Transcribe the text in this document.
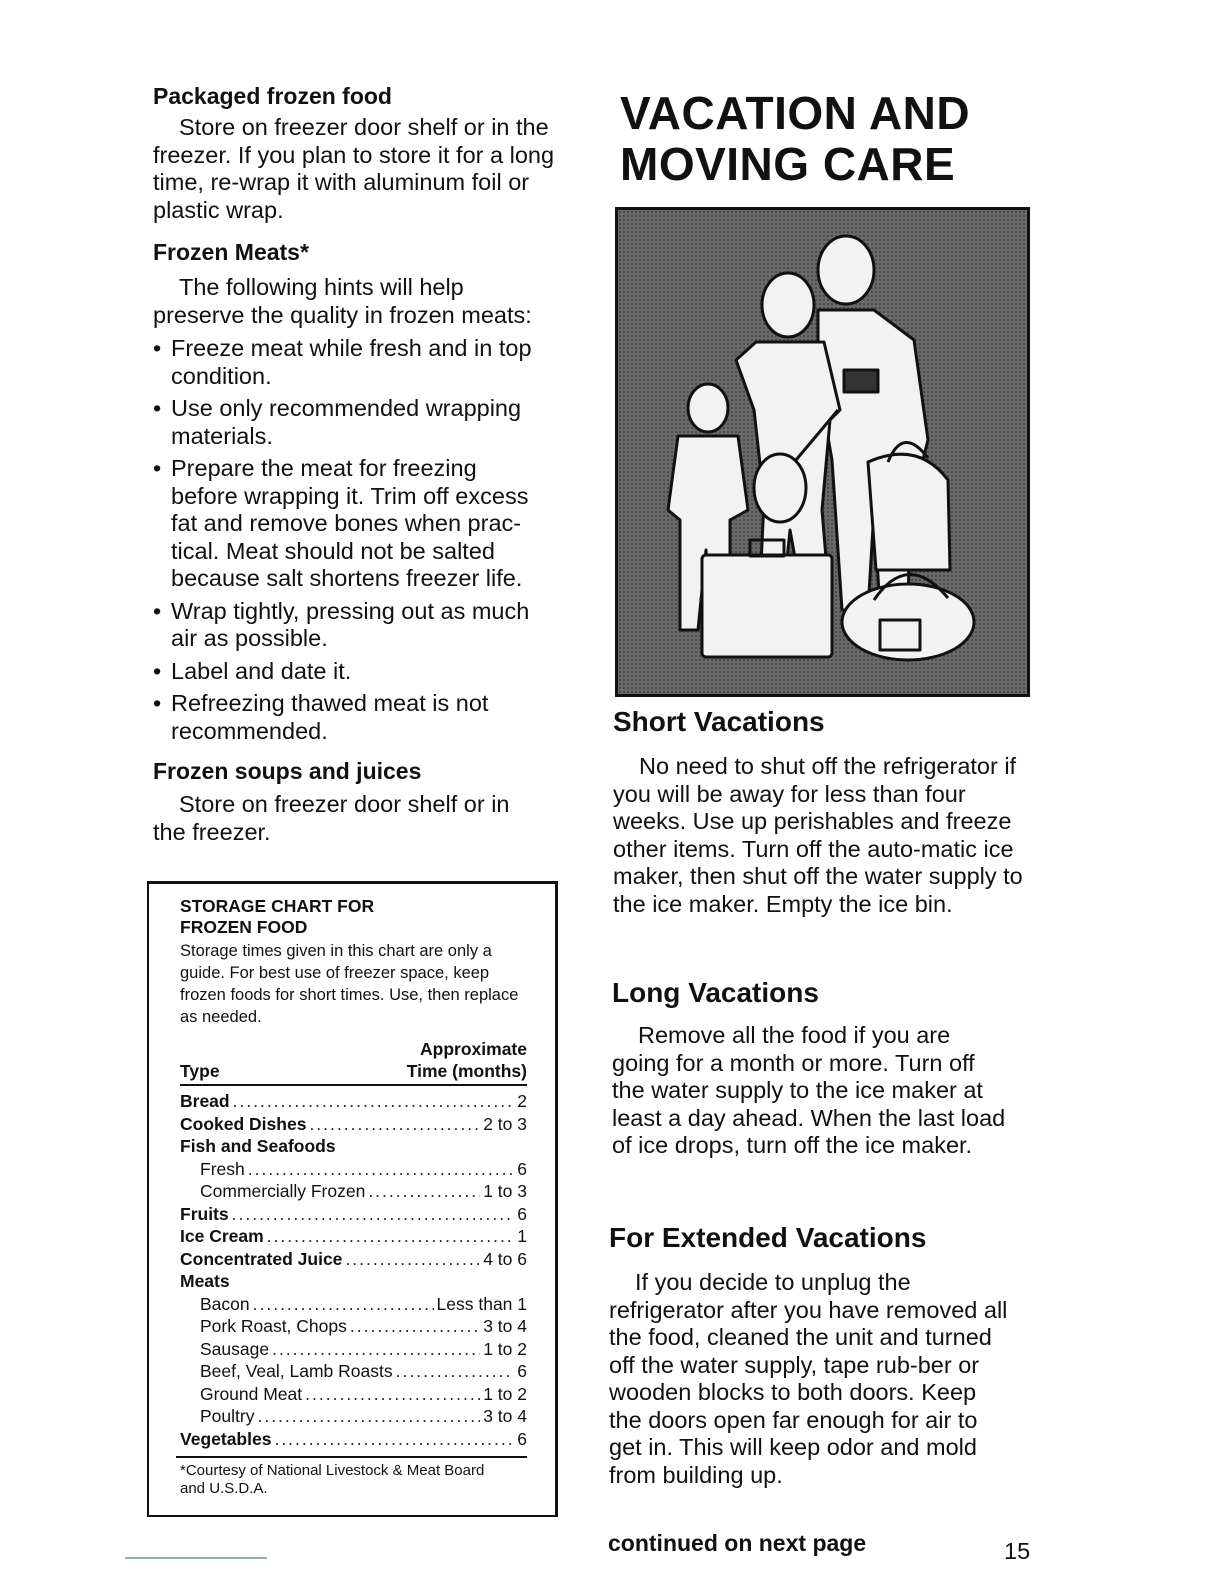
Packaged frozen food

Store on freezer door shelf or in the freezer. If you plan to store it for a long time, re-wrap it with aluminum foil or plastic wrap.

Frozen Meats*

The following hints will help preserve the quality in frozen meats:

• Freeze meat while fresh and in top condition.
• Use only recommended wrapping materials.
• Prepare the meat for freezing before wrapping it. Trim off excess fat and remove bones when prac-tical. Meat should not be salted because salt shortens freezer life.
• Wrap tightly, pressing out as much air as possible.
• Label and date it.
• Refreezing thawed meat is not recommended.
Frozen soups and juices

Store on freezer door shelf or in the freezer.

STORAGE CHART FOR
FROZEN FOOD
Storage times given in this chart are only a guide. For best use of freezer space, keep frozen foods for short times. Use, then replace as needed.
Approximate
Type	Time (months)
Bread .....	2
Cooked Dishes .....	2 to 3
Fish and Seafoods
Fresh .....	6
Commercially Frozen .....	1 to 3
Fruits .....	6
Ice Cream .....	1
Concentrated Juice .....	4 to 6
Meats
Bacon .....	Less than 1
Pork Roast, Chops .....	3 to 4
Sausage .....	1 to 2
Beef, Veal, Lamb Roasts .....	6
Ground Meat .....	1 to 2
Poultry .....	3 to 4
Vegetables .....	6
*Courtesy of National Livestock & Meat Board and U.S.D.A.
VACATION AND
MOVING CARE
Short Vacations

No need to shut off the refrigerator if you will be away for less than four weeks. Use up perishables and freeze other items. Turn off the auto-matic ice maker, then shut off the water supply to the ice maker. Empty the ice bin.

Long Vacations

Remove all the food if you are going for a month or more. Turn off the water supply to the ice maker at least a day ahead. When the last load of ice drops, turn off the ice maker.

For Extended Vacations

If you decide to unplug the refrigerator after you have removed all the food, cleaned the unit and turned off the water supply, tape rub-ber or wooden blocks to both doors. Keep the doors open far enough for air to get in. This will keep odor and mold from building up.

continued on next page	15
